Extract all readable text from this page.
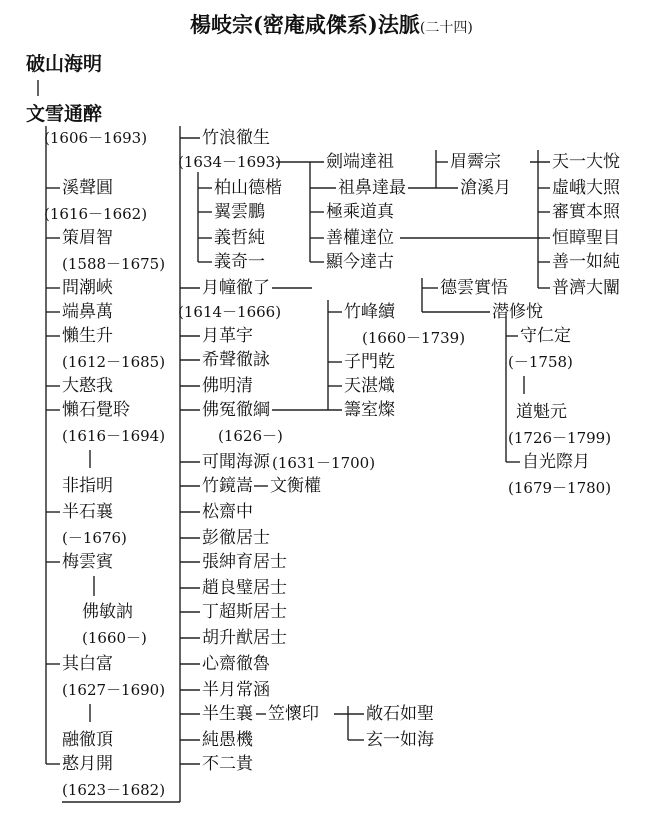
楊岐宗(密庵咸傑系)法脈(二十四)
破山海明
文雪通醉
(1606－1693)
溪聲圓
(1616－1662)
策眉智
(1588－1675)
問潮峽
端鼻萬
懶生升
(1612－1685)
大憨我
懶石覺聆
(1616－1694)
非指明
半石襄
(－1676)
梅雲賓
佛敏訥
(1660－)
其白富
(1627－1690)
融徹頂
憨月開
(1623－1682)
竹浪徹生
(1634－1693)
柏山德楷
翼雲鵬
義哲純
義奇一
月幢徹了
(1614－1666)
月革宇
希聲徹詠
佛明清
佛冤徹綱
(1626－)
可聞海源 (1631－1700)
竹鏡嵩 文衡權
松齋中
彭徹居士
張紳育居士
趙良璧居士
丁超斯居士
胡升猷居士
心齋徹魯
半月常涵
半生襄 笠懷印
純愚機
不二貴
劍端達祖
祖鼻達最
極乘道真
善權達位
顯今達古
竹峰續
(1660－1739)
子門乾
天湛熾
籌室燦
敞石如聖
玄一如海
眉霽宗
滄溪月
德雲實悟
潜修悅
守仁定
(－1758)
道魁元
(1726－1799)
自光際月
(1679－1780)
天一大悅
虛峨大照
審實本照
恒瞕聖目
善一如純
普濟大闡
